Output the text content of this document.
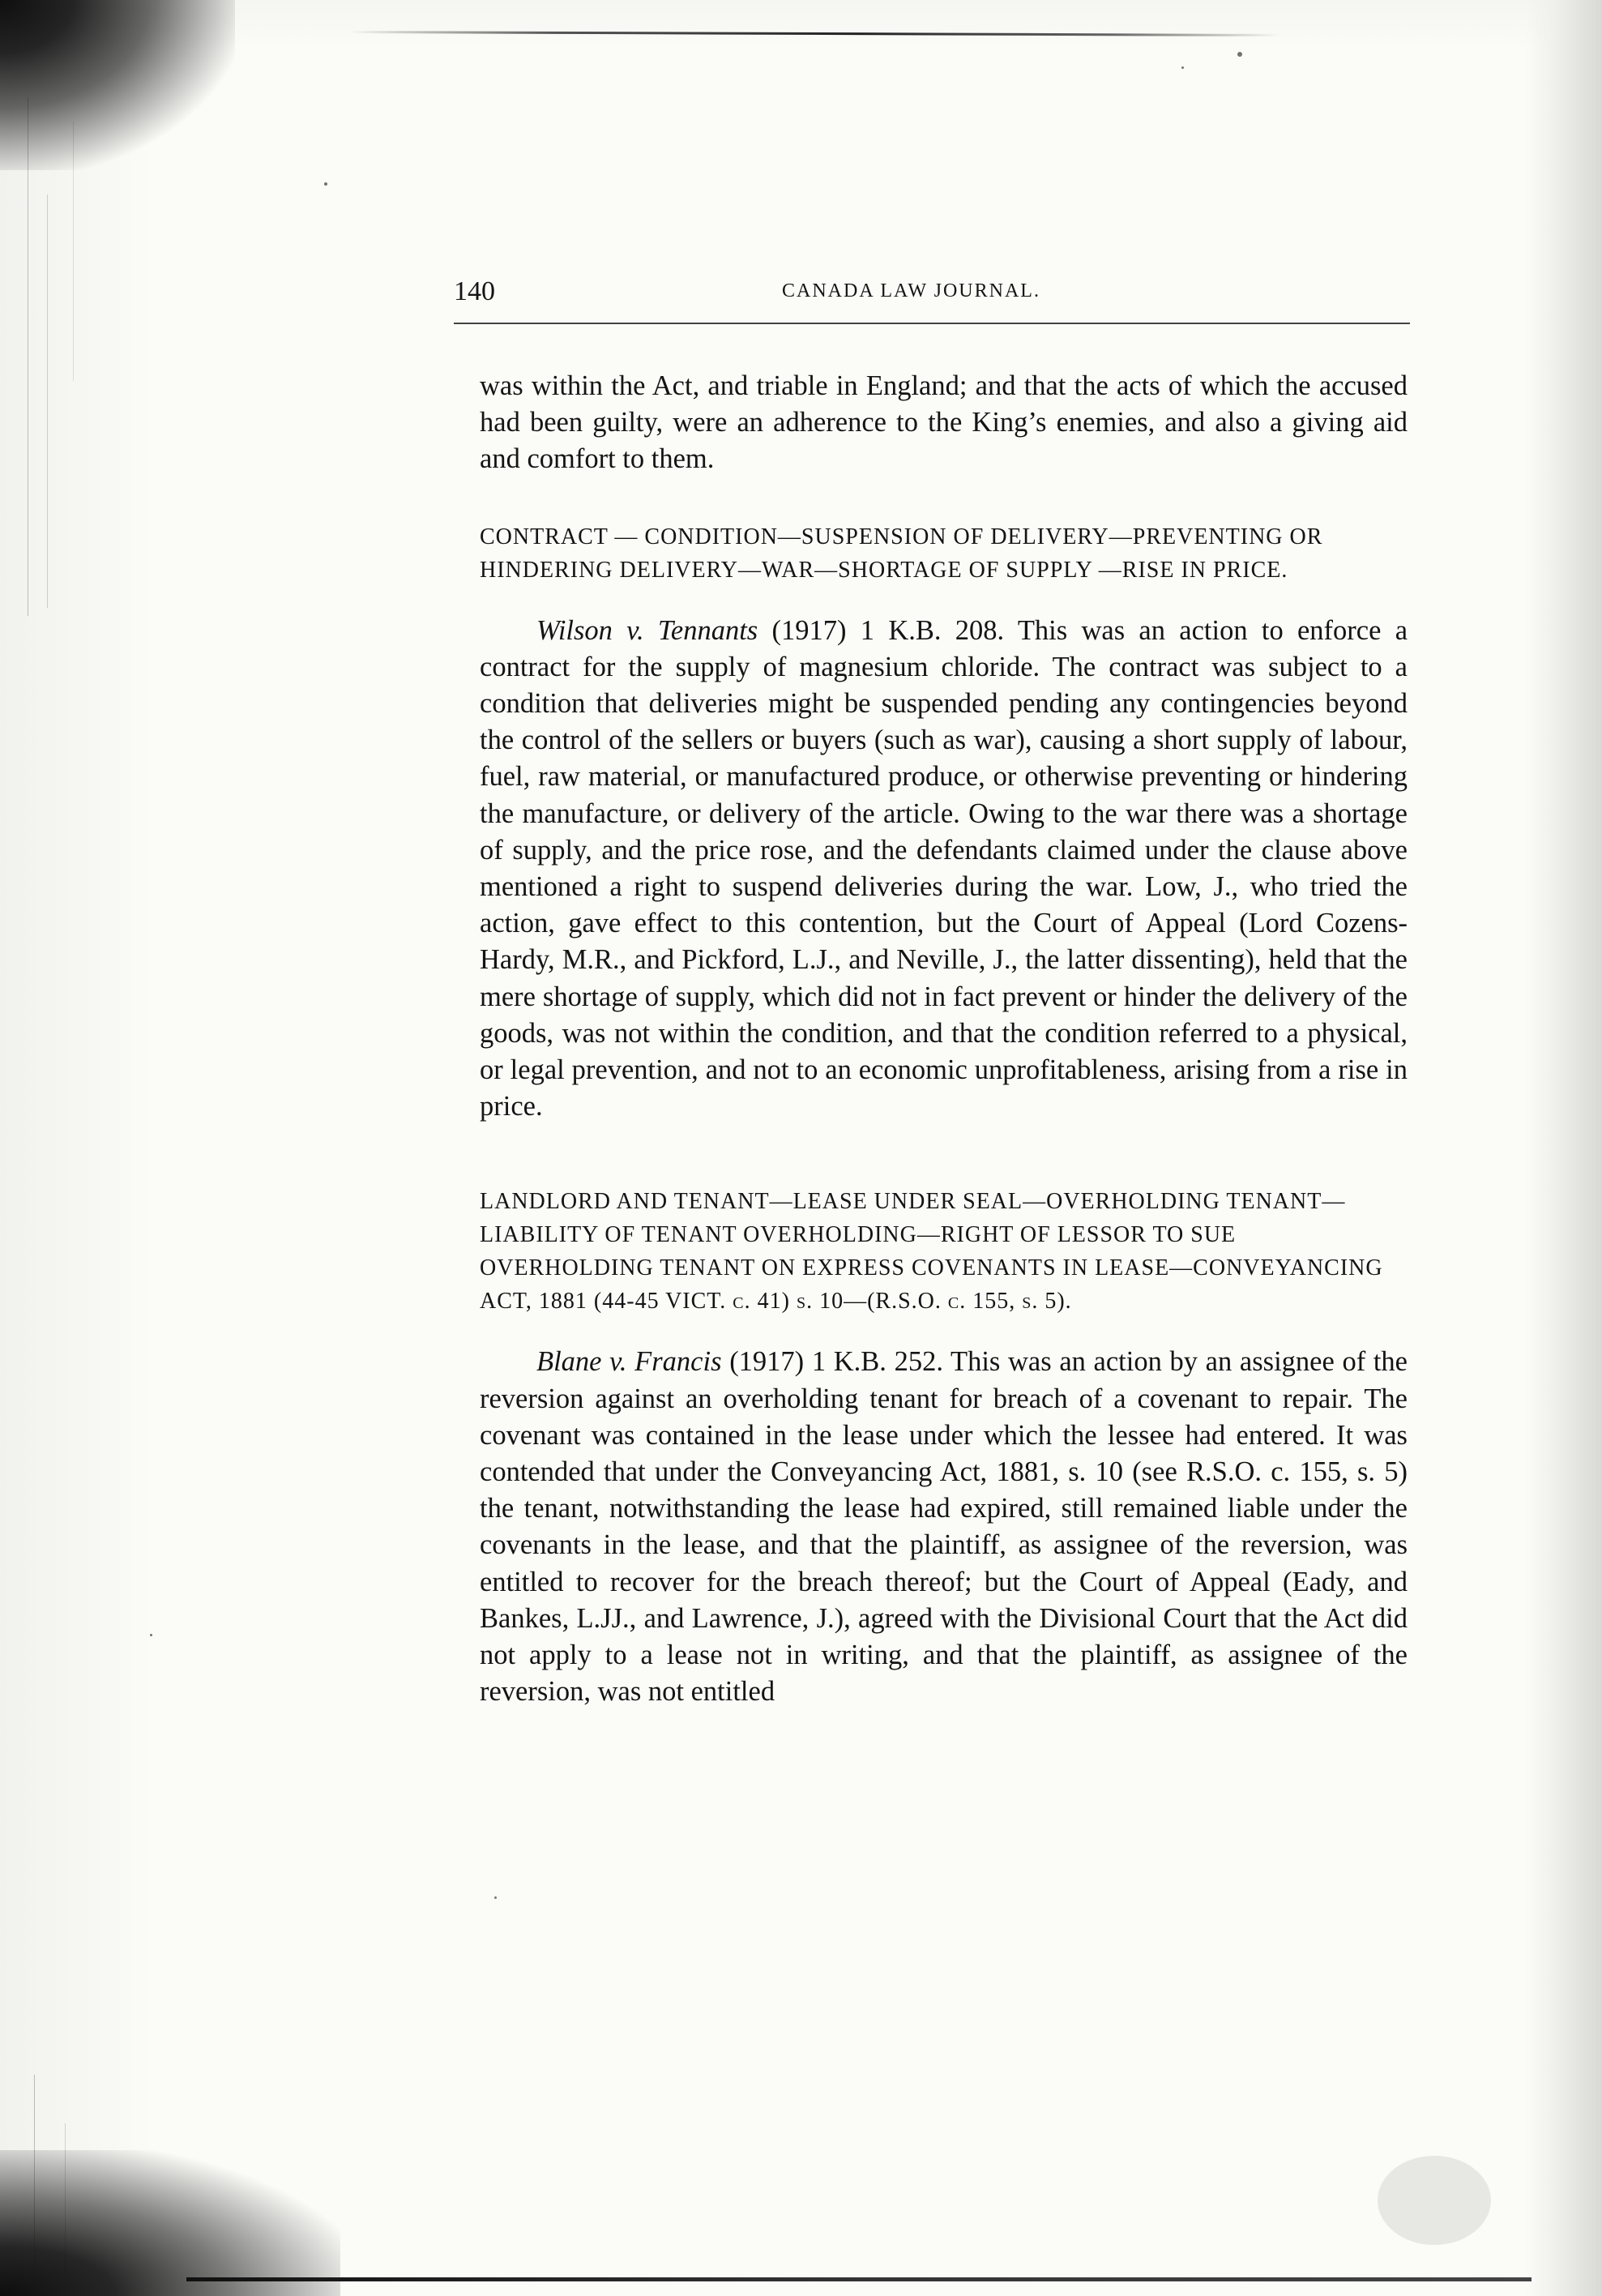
140	CANADA LAW JOURNAL.

was within the Act, and triable in England; and that the acts of which the accused had been guilty, were an adherence to the King’s enemies, and also a giving aid and comfort to them.

CONTRACT — CONDITION—SUSPENSION OF DELIVERY—PREVENTING OR HINDERING DELIVERY—WAR—SHORTAGE OF SUPPLY —RISE IN PRICE.

Wilson v. Tennants (1917) 1 K.B. 208. This was an action to enforce a contract for the supply of magnesium chloride. The contract was subject to a condition that deliveries might be suspended pending any contingencies beyond the control of the sellers or buyers (such as war), causing a short supply of labour, fuel, raw material, or manufactured produce, or otherwise preventing or hindering the manufacture, or delivery of the article. Owing to the war there was a shortage of supply, and the price rose, and the defendants claimed under the clause above mentioned a right to suspend deliveries during the war. Low, J., who tried the action, gave effect to this contention, but the Court of Appeal (Lord Cozens-Hardy, M.R., and Pickford, L.J., and Neville, J., the latter dissenting), held that the mere shortage of supply, which did not in fact prevent or hinder the delivery of the goods, was not within the condition, and that the condition referred to a physical, or legal prevention, and not to an economic unprofitableness, arising from a rise in price.

LANDLORD AND TENANT—LEASE UNDER SEAL—OVERHOLDING TENANT—LIABILITY OF TENANT OVERHOLDING—RIGHT OF LESSOR TO SUE OVERHOLDING TENANT ON EXPRESS COVENANTS IN LEASE—CONVEYANCING ACT, 1881 (44-45 VICT. c. 41) s. 10—(R.S.O. c. 155, s. 5).

Blane v. Francis (1917) 1 K.B. 252. This was an action by an assignee of the reversion against an overholding tenant for breach of a covenant to repair. The covenant was contained in the lease under which the lessee had entered. It was contended that under the Conveyancing Act, 1881, s. 10 (see R.S.O. c. 155, s. 5) the tenant, notwithstanding the lease had expired, still remained liable under the covenants in the lease, and that the plaintiff, as assignee of the reversion, was entitled to recover for the breach thereof; but the Court of Appeal (Eady, and Bankes, L.JJ., and Lawrence, J.), agreed with the Divisional Court that the Act did not apply to a lease not in writing, and that the plaintiff, as assignee of the reversion, was not entitled
